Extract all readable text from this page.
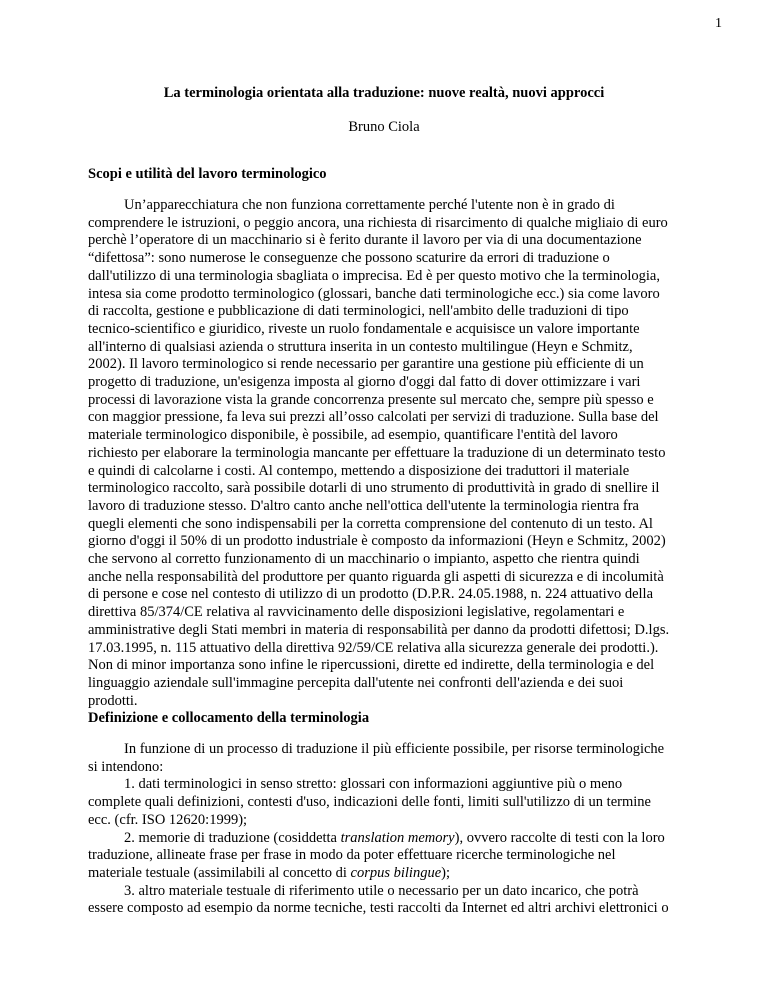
1
La terminologia orientata alla traduzione: nuove realtà, nuovi approcci
Bruno Ciola
Scopi e utilità del lavoro terminologico
Un’apparecchiatura che non funziona correttamente perché l'utente non è in grado di
comprendere le istruzioni, o peggio ancora, una richiesta di risarcimento di qualche migliaio di euro
perchè l’operatore di un macchinario si è ferito durante il lavoro per via di una documentazione
“difettosa”: sono numerose le conseguenze che possono scaturire da errori di traduzione o
dall'utilizzo di una terminologia sbagliata o imprecisa. Ed è per questo motivo che la terminologia,
intesa sia come prodotto terminologico (glossari, banche dati terminologiche ecc.) sia come lavoro
di raccolta, gestione e pubblicazione di dati terminologici, nell'ambito delle traduzioni di tipo
tecnico-scientifico e giuridico, riveste un ruolo fondamentale e acquisisce un valore importante
all'interno di qualsiasi azienda o struttura inserita in un contesto multilingue (Heyn e Schmitz,
2002). Il lavoro terminologico si rende necessario per garantire una gestione più efficiente di un
progetto di traduzione, un'esigenza imposta al giorno d'oggi dal fatto di dover ottimizzare i vari
processi di lavorazione vista la grande concorrenza presente sul mercato che, sempre più spesso e
con maggior pressione, fa leva sui prezzi all’osso calcolati per servizi di traduzione. Sulla base del
materiale terminologico disponibile, è possibile, ad esempio, quantificare l'entità del lavoro
richiesto per elaborare la terminologia mancante per effettuare la traduzione di un determinato testo
e quindi di calcolarne i costi. Al contempo, mettendo a disposizione dei traduttori il materiale
terminologico raccolto, sarà possibile dotarli di uno strumento di produttività in grado di snellire il
lavoro di traduzione stesso. D'altro canto anche nell'ottica dell'utente la terminologia rientra fra
quegli elementi che sono indispensabili per la corretta comprensione del contenuto di un testo. Al
giorno d'oggi il 50% di un prodotto industriale è composto da informazioni (Heyn e Schmitz, 2002)
che servono al corretto funzionamento di un macchinario o impianto, aspetto che rientra quindi
anche nella responsabilità del produttore per quanto riguarda gli aspetti di sicurezza e di incolumità
di persone e cose nel contesto di utilizzo di un prodotto (D.P.R. 24.05.1988, n. 224 attuativo della
direttiva 85/374/CE relativa al ravvicinamento delle disposizioni legislative, regolamentari e
amministrative degli Stati membri in materia di responsabilità per danno da prodotti difettosi; D.lgs.
17.03.1995, n. 115 attuativo della direttiva 92/59/CE relativa alla sicurezza generale dei prodotti.).
Non di minor importanza sono infine le ripercussioni, dirette ed indirette, della terminologia e del
linguaggio aziendale sull'immagine percepita dall'utente nei confronti dell'azienda e dei suoi
prodotti.
Definizione e collocamento della terminologia
In funzione di un processo di traduzione il più efficiente possibile, per risorse terminologiche
si intendono:
1. dati terminologici in senso stretto: glossari con informazioni aggiuntive più o meno
complete quali definizioni, contesti d'uso, indicazioni delle fonti, limiti sull'utilizzo di un termine
ecc. (cfr. ISO 12620:1999);
2. memorie di traduzione (cosiddetta translation memory), ovvero raccolte di testi con la loro
traduzione, allineate frase per frase in modo da poter effettuare ricerche terminologiche nel
materiale testuale (assimilabili al concetto di corpus bilingue);
3. altro materiale testuale di riferimento utile o necessario per un dato incarico, che potrà
essere composto ad esempio da norme tecniche, testi raccolti da Internet ed altri archivi elettronici o
